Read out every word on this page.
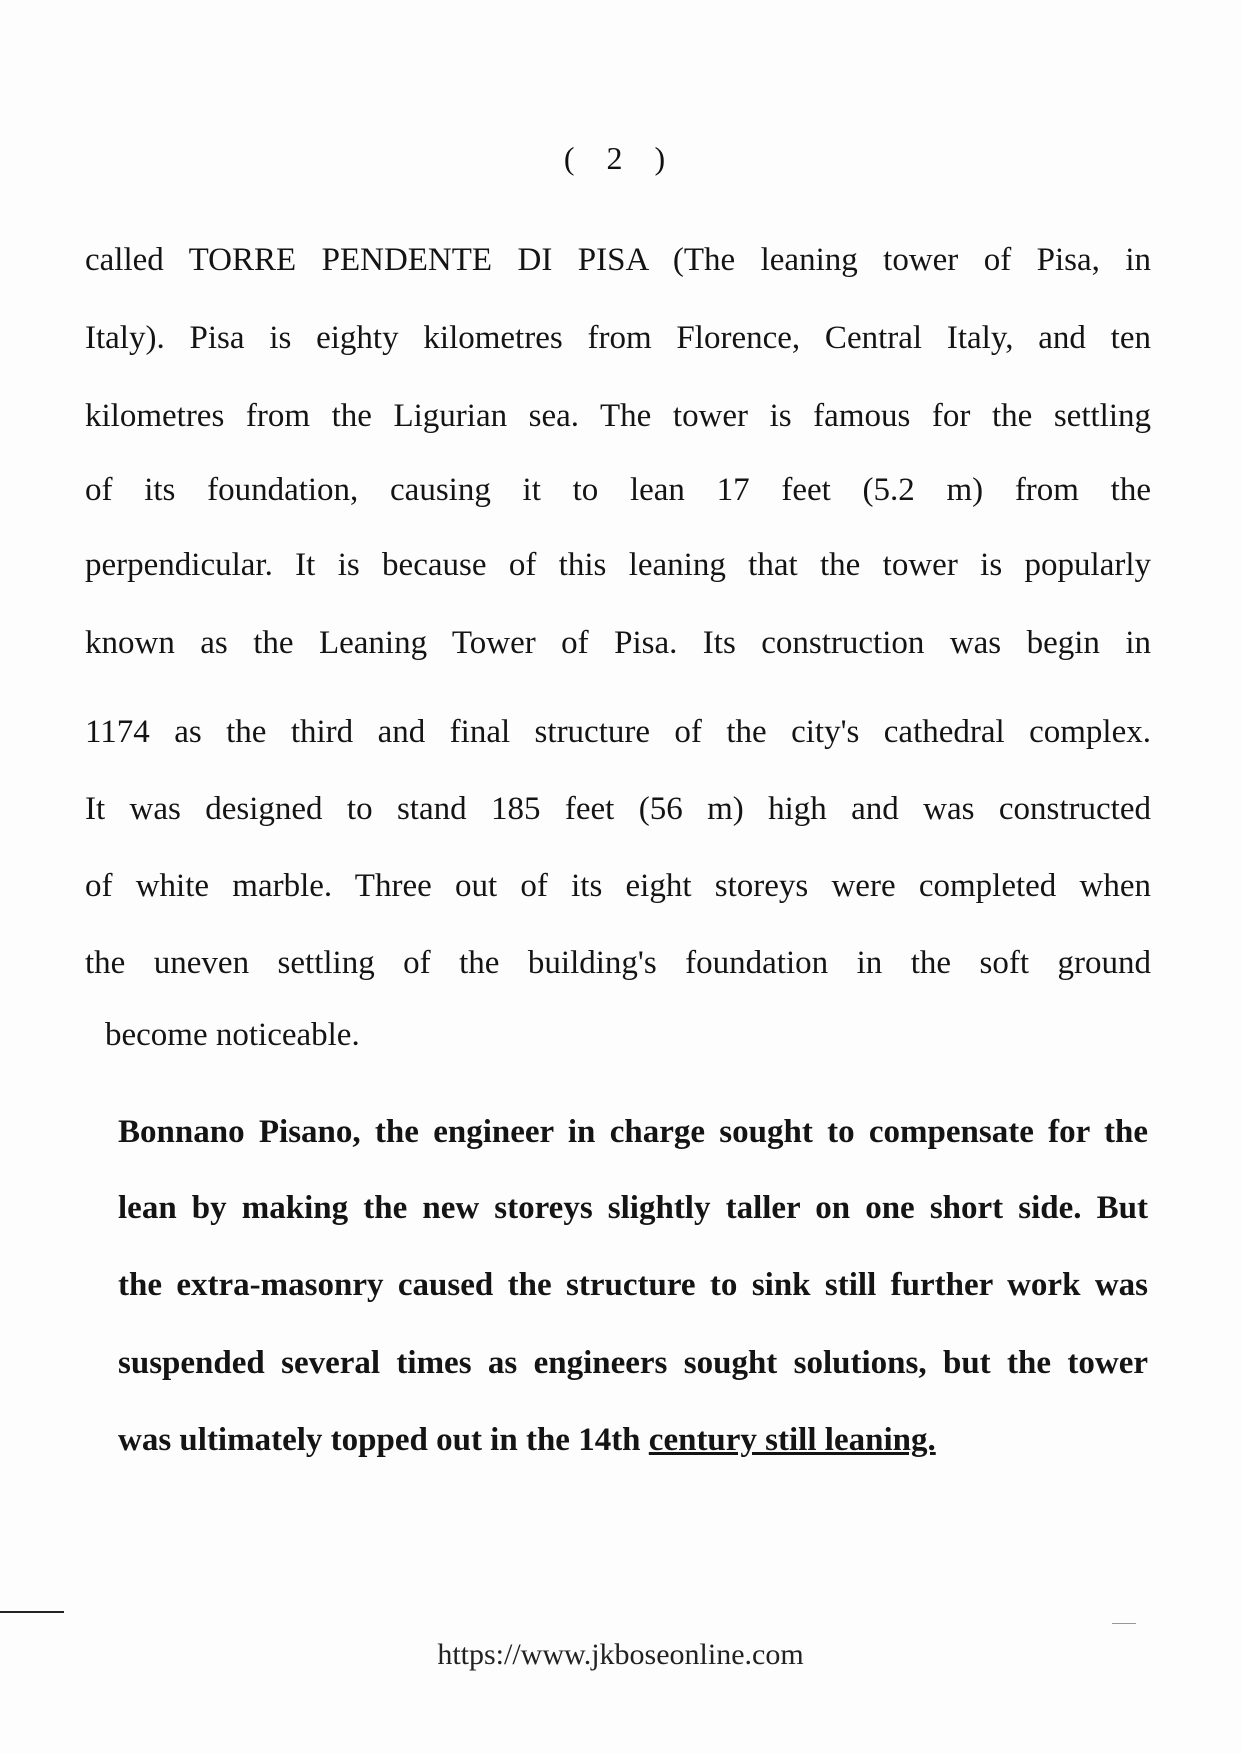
( 2 )
called TORRE PENDENTE DI PISA (The leaning tower of Pisa, in
Italy). Pisa is eighty kilometres from Florence, Central Italy, and ten
kilometres from the Ligurian sea. The tower is famous for the settling
of its foundation, causing it to lean 17 feet (5.2 m) from the
perpendicular. It is because of this leaning that the tower is popularly
known as the Leaning Tower of Pisa. Its construction was begin in
1174 as the third and final structure of the city's cathedral complex.
It was designed to stand 185 feet (56 m) high and was constructed
of white marble. Three out of its eight storeys were completed when
the uneven settling of the building's foundation in the soft ground
become noticeable.
Bonnano Pisano, the engineer in charge sought to compensate for the
lean by making the new storeys slightly taller on one short side. But
the extra-masonry caused the structure to sink still further work was
suspended several times as engineers sought solutions, but the tower
was ultimately topped out in the 14th century still leaning.
https://www.jkboseonline.com
